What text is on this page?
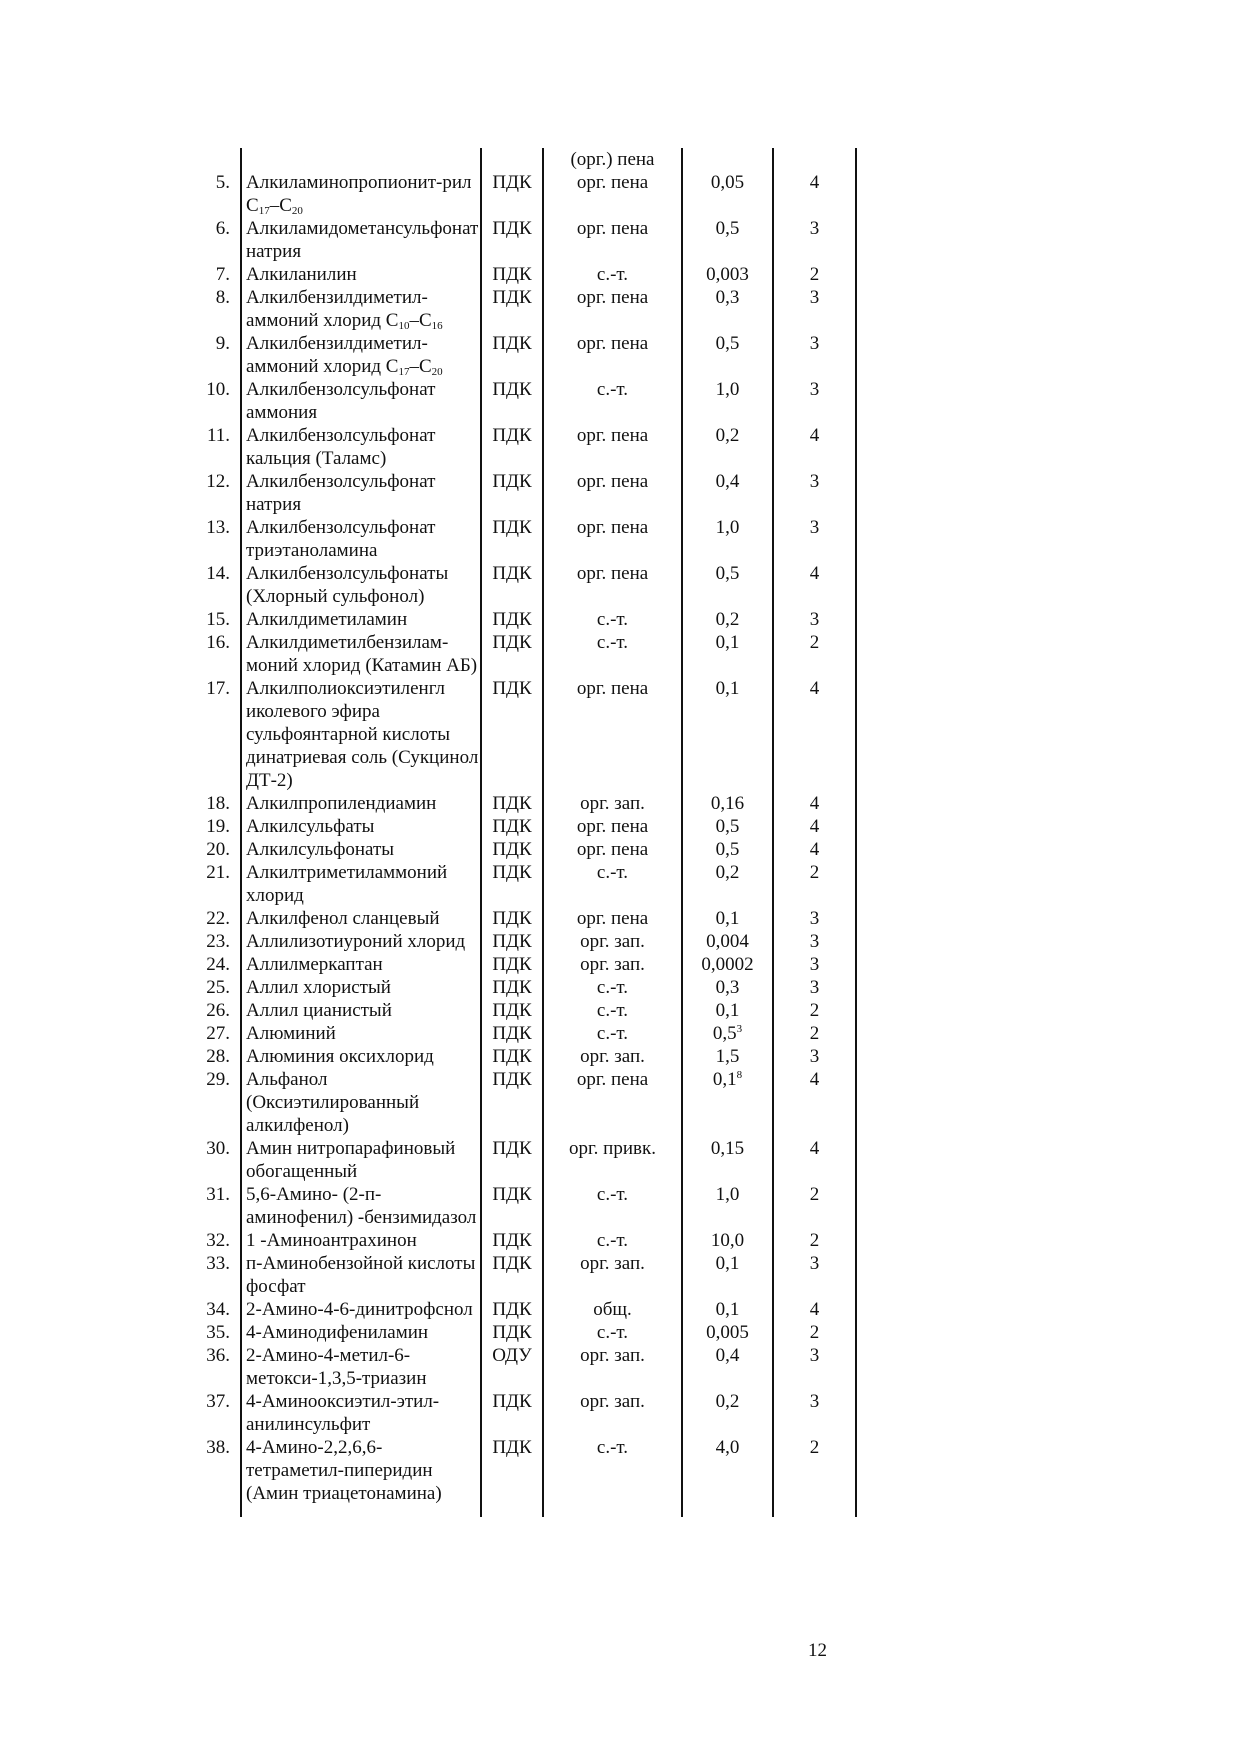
			(орг.) пена		
5.	Алкиламинопропионит-рил $C_{17}-C_{20}$	ПДК	орг. пена	0,05	4
6.	Алкиламидометансульфонат натрия	ПДК	орг. пена	0,5	3
7.	Алкиланилин	ПДК	с.-т.	0,003	2
8.	Алкилбензилдиметил-аммоний хлорид $C_{10}-C_{16}$	ПДК	орг. пена	0,3	3
9.	Алкилбензилдиметил-аммоний хлорид $C_{17}-C_{20}$	ПДК	орг. пена	0,5	3
10.	Алкилбензолсульфонат аммония	ПДК	с.-т.	1,0	3
11.	Алкилбензолсульфонат кальция (Таламс)	ПДК	орг. пена	0,2	4
12.	Алкилбензолсульфонат натрия	ПДК	орг. пена	0,4	3
13.	Алкилбензолсульфонат триэтаноламина	ПДК	орг. пена	1,0	3
14.	Алкилбензолсульфонаты (Хлорный сульфонол)	ПДК	орг. пена	0,5	4
15.	Алкилдиметиламин	ПДК	с.-т.	0,2	3
16.	Алкилдиметилбензилам-моний хлорид (Катамин АБ)	ПДК	с.-т.	0,1	2
17.	Алкилполиоксиэтиленгл иколевого эфира сульфоянтарной кислоты динатриевая соль (Сукцинол ДТ-2)	ПДК	орг. пена	0,1	4
18.	Алкилпропилендиамин	ПДК	орг. зап.	0,16	4
19.	Алкилсульфаты	ПДК	орг. пена	0,5	4
20.	Алкилсульфонаты	ПДК	орг. пена	0,5	4
21.	Алкилтриметиламмоний хлорид	ПДК	с.-т.	0,2	2
22.	Алкилфенол сланцевый	ПДК	орг. пена	0,1	3
23.	Аллилизотиуроний хлорид	ПДК	орг. зап.	0,004	3
24.	Аллилмеркаптан	ПДК	орг. зап.	0,0002	3
25.	Аллил хлористый	ПДК	с.-т.	0,3	3
26.	Аллил цианистый	ПДК	с.-т.	0,1	2
27.	Алюминий	ПДК	с.-т.	$0,5^3$	2
28.	Алюминия оксихлорид	ПДК	орг. зап.	1,5	3
29.	Альфанол (Оксиэтилированный алкилфенол)	ПДК	орг. пена	$0,1^8$	4
30.	Амин нитропарафиновый обогащенный	ПДК	орг. привк.	0,15	4
31.	5,6-Амино- (2-п-аминофенил) -бензимидазол	ПДК	с.-т.	1,0	2
32.	1 -Аминоантрахинон	ПДК	с.-т.	10,0	2
33.	п-Аминобензойной кислоты фосфат	ПДК	орг. зап.	0,1	3
34.	2-Амино-4-6-динитрофснол	ПДК	общ.	0,1	4
35.	4-Аминодифениламин	ПДК	с.-т.	0,005	2
36.	2-Амино-4-метил-6-метокси-1,3,5-триазин	ОДУ	орг. зап.	0,4	3
37.	4-Аминооксиэтил-этил-анилинсульфит	ПДК	орг. зап.	0,2	3
38.	4-Амино-2,2,6,6-тетраметил-пиперидин (Амин триацетонамина)	ПДК	с.-т.	4,0	2

12
